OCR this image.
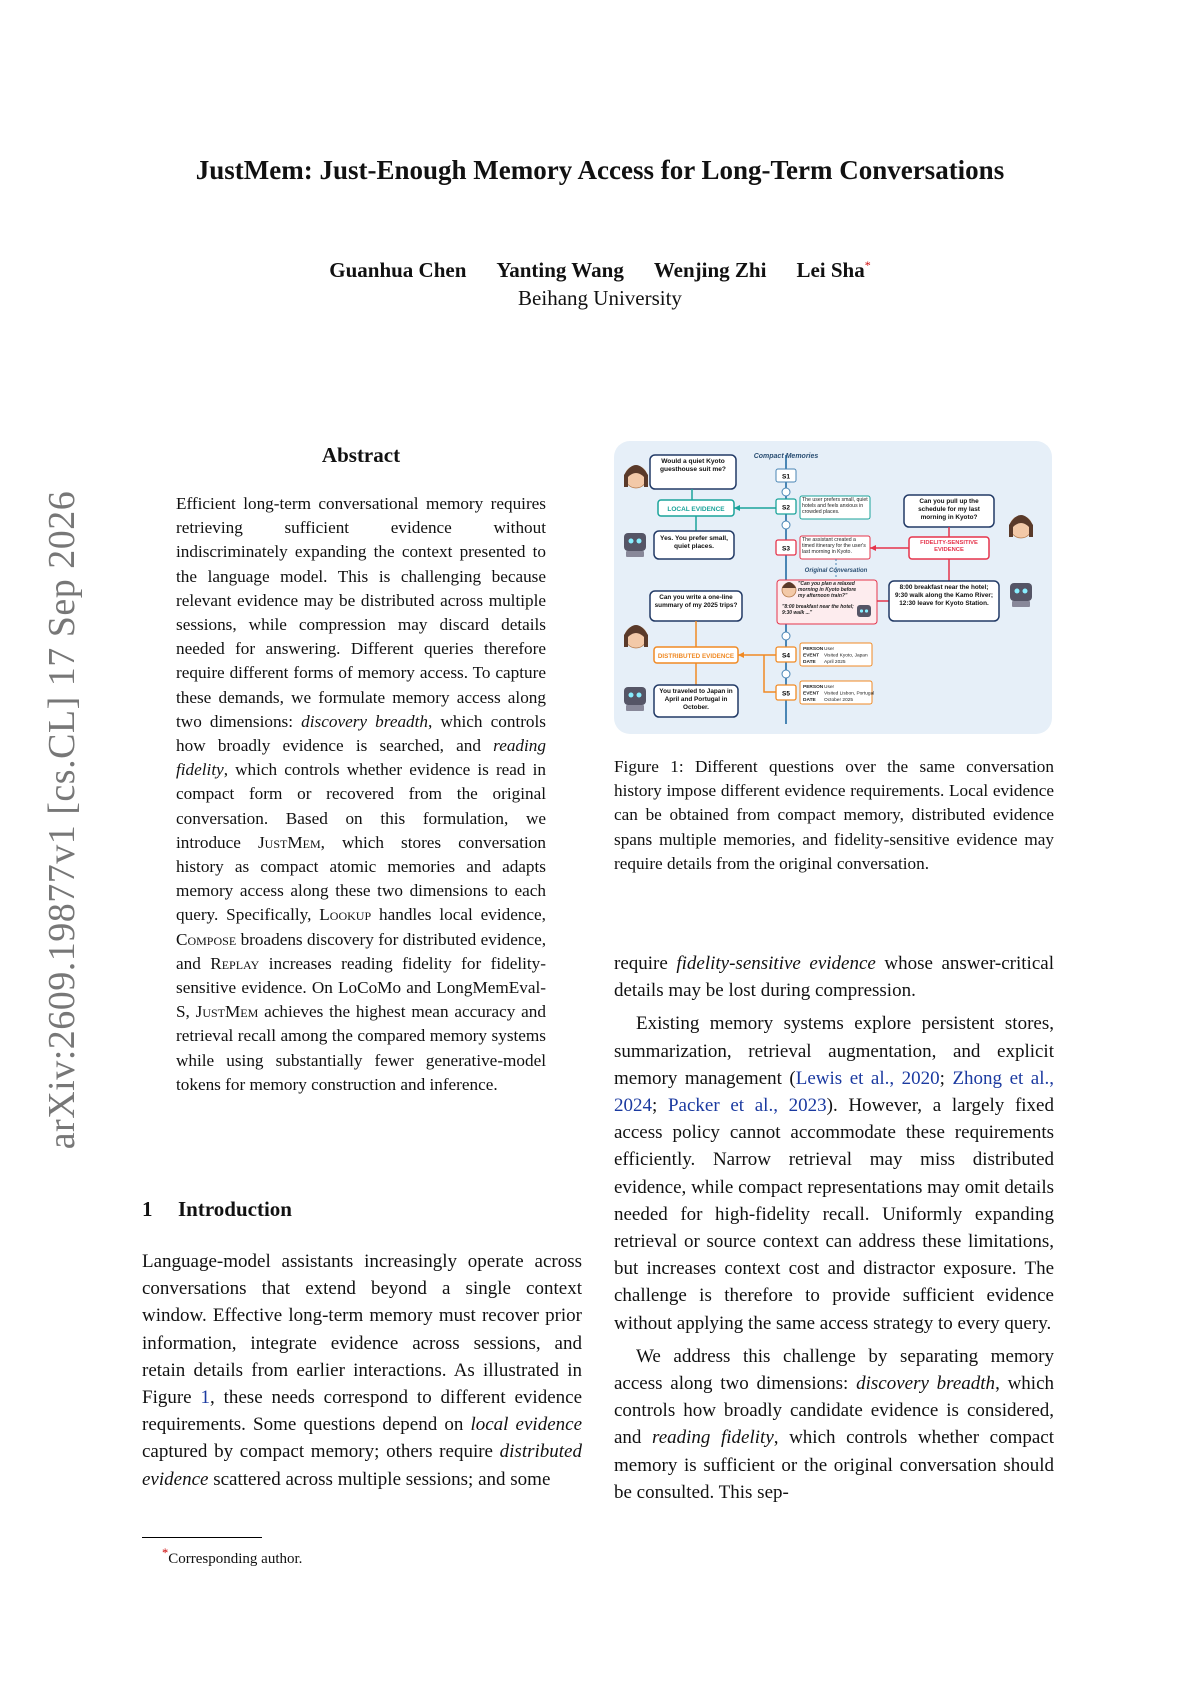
arXiv:2609.19877v1 [cs.CL] 17 Sep 2026
JustMem: Just-Enough Memory Access for Long-Term Conversations
Guanhua Chen Yanting Wang Wenjing Zhi Lei Sha*
Beihang University
Abstract
Efficient long-term conversational memory requires retrieving sufficient evidence without indiscriminately expanding the context presented to the language model. This is challenging because relevant evidence may be distributed across multiple sessions, while compression may discard details needed for answering. Different queries therefore require different forms of memory access. To capture these demands, we formulate memory access along two dimensions: discovery breadth, which controls how broadly evidence is searched, and reading fidelity, which controls whether evidence is read in compact form or recovered from the original conversation. Based on this formulation, we introduce JustMem, which stores conversation history as compact atomic memories and adapts memory access along these two dimensions to each query. Specifically, Lookup handles local evidence, Compose broadens discovery for distributed evidence, and Replay increases reading fidelity for fidelity-sensitive evidence. On LoCoMo and LongMemEval-S, JustMem achieves the highest mean accuracy and retrieval recall among the compared memory systems while using substantially fewer generative-model tokens for memory construction and inference.
1 Introduction

Language-model assistants increasingly operate across conversations that extend beyond a single context window. Effective long-term memory must recover prior information, integrate evidence across sessions, and retain details from earlier interactions. As illustrated in Figure 1, these needs correspond to different evidence requirements. Some questions depend on local evidence captured by compact memory; others require distributed evidence scattered across multiple sessions; and some

*Corresponding author.
Compact Memories
S1
S2
The user prefers small, quiet hotels and feels anxious in crowded places.
S3
The assistant created a timed itinerary for the user's last morning in Kyoto.
Original Conversation
"Can you plan a relaxed morning in Kyoto before my afternoon train?"
"8:00 breakfast near the hotel; 9:30 walk ..."
S4
PERSONUser EVENT Visited Kyoto, Japan DATE April 2025
S5
PERSONUser EVENT Visited Lisbon, Portugal DATE October 2025
Would a quiet Kyoto guesthouse suit me?
LOCAL EVIDENCE
Yes. You prefer small, quiet places.
Can you pull up the schedule for my last morning in Kyoto?
FIDELITY-SENSITIVE EVIDENCE
8:00 breakfast near the hotel; 9:30 walk along the Kamo River; 12:30 leave for Kyoto Station.
Can you write a one-line summary of my 2025 trips?
DISTRIBUTED EVIDENCE
You traveled to Japan in April and Portugal in October.
Figure 1: Different questions over the same conversation history impose different evidence requirements. Local evidence can be obtained from compact memory, distributed evidence spans multiple memories, and fidelity-sensitive evidence may require details from the original conversation.

require fidelity-sensitive evidence whose answer-critical details may be lost during compression.

Existing memory systems explore persistent stores, summarization, retrieval augmentation, and explicit memory management (Lewis et al., 2020; Zhong et al., 2024; Packer et al., 2023). However, a largely fixed access policy cannot accommodate these requirements efficiently. Narrow retrieval may miss distributed evidence, while compact representations may omit details needed for high-fidelity recall. Uniformly expanding retrieval or source context can address these limitations, but increases context cost and distractor exposure. The challenge is therefore to provide sufficient evidence without applying the same access strategy to every query.

We address this challenge by separating memory access along two dimensions: discovery breadth, which controls how broadly candidate evidence is considered, and reading fidelity, which controls whether compact memory is sufficient or the original conversation should be consulted. This sep-
